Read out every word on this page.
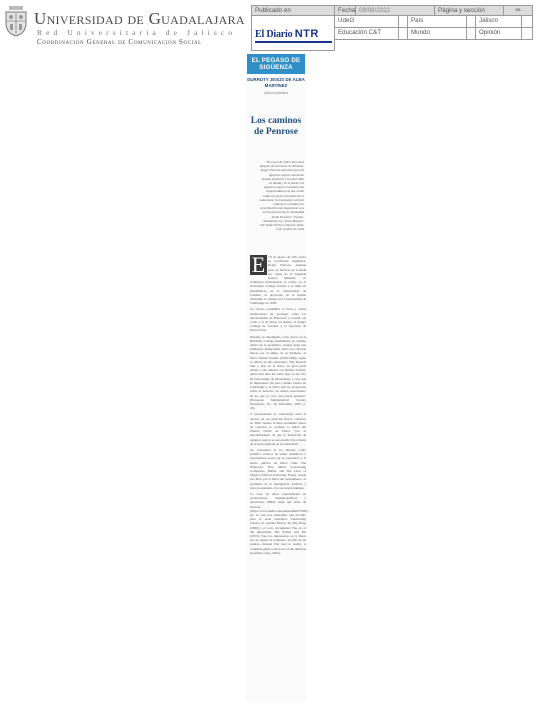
Universidad de Guadalajara
Red Universitaria de Jalisco
Coordinación General de Comunicación Social
Publicado en	Fecha 08/08/2022	Página y sección	6a
El Diario NTR
UdeG	País	Jalisco
Educación C&T	Mundo	Opinión
EL PEGASO DE SIGÜENZA
DURRUTY JESÚS DE ALBA MARTÍNEZ
@durrutydealba
Los caminos de Penrose
"En enero de 1965, diez años después de la muerte de Einstein, Roger Penrose demostró que los agujeros negros realmente pueden formarse y los describió en detalle; en el fondo, los agujeros negros esconden una singularidad en la que cesan todas las leyes conocidas de la naturaleza. Su innovador artículo todavía se considera la contribución más importante a la teoría general de la relatividad desde Einstein". Fuente: Nobelprize.org. Press Release: The Nobel Prize in Physics 2020, 6 de octubre de 2020
E l 8 de agosto de 1931 nació en Colchester, Inglaterra, Roger Penrose. Aunque pasó su infancia en Canadá por causa de la Segunda Guerra Mundial, su formación universitaria la recibe en el University College London y se titula en matemáticas en la Universidad de Londres, el doctorado en la misma disciplina lo obtiene en la Universidad de Cambridge en 1958.

Su carrera académica lo lleva a varias instituciones de prestigio como las universidades de Princeton y Cornell, así como a la de Texas en Austin, al King's College de Londres y la Syracuse de Nueva York.

Durante su desempeño como lector en el Birkbeck College fundamenta su camino dentro de la geometría, aunque tiene una influencia inmejorable hacia las ciencias físicas por el amigo de su hermano, el físico Dennis Sciama (1926-1999), según lo refiere en una entrevista: "Me interesé más y más en la física, en gran parte debido a mi amistad con Dennis Sciama, quien más bien me tomó bajo su ala. Era un buen amigo de mi hermano y creo que le impresionó mi paso cuando estaba en Cambridge y la física aún no progresaba sobre el universo en estado estacionario en los que yo creo que hayan pensado" (European Mathematical Society Newsletter, No. 58, December 2005, p. 16).

Y precisamente la cosmología sería el terreno de sus mayores frutos, contados en 2020 cuando la Real Academia Sueca de Ciencias le confiere la mitad del Premio Nobel de Física "por el descubrimiento de que la formación de agujeros negros es una predicción robusta de la teoría general de la relatividad".

Su curiosidad lo ha llevado como prolífico escritor de temas científicos a cuestionarse acerca de la conciencia y al efecto público en libros como The Emperor's New Mind: Concerning Computers, Minds, and The Laws of Physics (Oxford University Press), donde nos lleva por la física del pensamiento, el problema de la inteligencia artificial y trata de entender a la conciencia humana.

La base de datos especializada en producciones cinematográficas y televisivas, IMDb, tiene una ficha de Penrose (https://www.imdb.com/name/nm0672309/) por la cual nos enteramos que escribió para la serie televisiva Celebrating Science el capítulo Before the Big Bang (2009) y el corto documental The art of the impossible: MC Escher and Me (2015). Para los interesados en la física nos ha dejado el tremendo -en más de un sentido- manual The road to reality: A complete guide to the laws of the universe (Jonathan Cape, 2004).
